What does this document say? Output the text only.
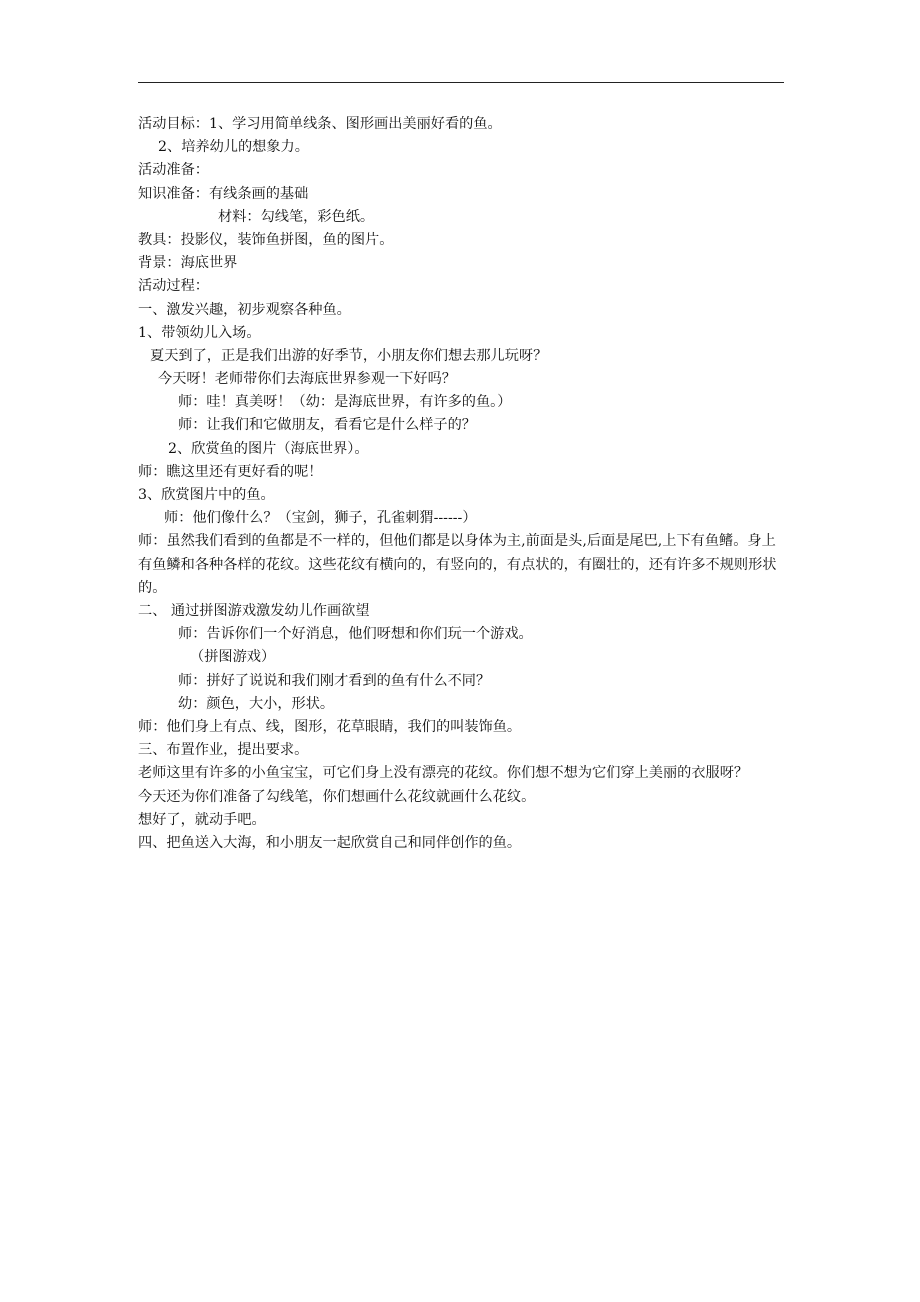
活动目标：1、学习用简单线条、图形画出美丽好看的鱼。
2、培养幼儿的想象力。
活动准备：
知识准备：有线条画的基础
材料：勾线笔，彩色纸。
教具：投影仪，装饰鱼拼图，鱼的图片。
背景：海底世界
活动过程：
一、激发兴趣，初步观察各种鱼。
1、带领幼儿入场。
夏天到了，正是我们出游的好季节，小朋友你们想去那儿玩呀？
今天呀！老师带你们去海底世界参观一下好吗？
师：哇！真美呀！（幼：是海底世界，有许多的鱼。）
师：让我们和它做朋友，看看它是什么样子的？
2、欣赏鱼的图片（海底世界）。
师：瞧这里还有更好看的呢！
3、欣赏图片中的鱼。
师：他们像什么？（宝剑，狮子，孔雀刺猬------）
师：虽然我们看到的鱼都是不一样的，但他们都是以身体为主,前面是头,后面是尾巴,上下有鱼鳍。身上有鱼鳞和各种各样的花纹。这些花纹有横向的，有竖向的，有点状的，有圈壮的，还有许多不规则形状的。
二、 通过拼图游戏激发幼儿作画欲望
师：告诉你们一个好消息，他们呀想和你们玩一个游戏。
（拼图游戏）
师：拼好了说说和我们刚才看到的鱼有什么不同？
幼：颜色，大小，形状。
师：他们身上有点、线，图形，花草眼睛，我们的叫装饰鱼。
三、布置作业，提出要求。
老师这里有许多的小鱼宝宝，可它们身上没有漂亮的花纹。你们想不想为它们穿上美丽的衣服呀？
今天还为你们准备了勾线笔，你们想画什么花纹就画什么花纹。
想好了，就动手吧。
四、把鱼送入大海，和小朋友一起欣赏自己和同伴创作的鱼。
